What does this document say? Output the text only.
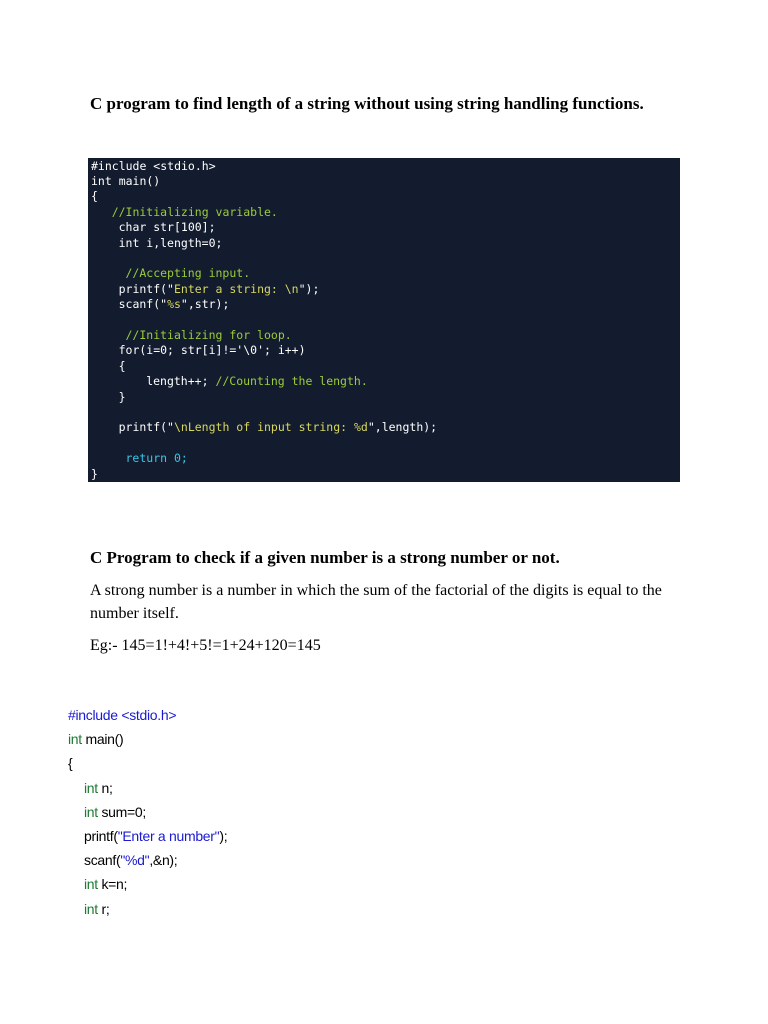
C program to find length of a string without using string handling functions.
#include <stdio.h>
int main()
{
//Initializing variable.
char str[100];
int i,length=0;
//Accepting input.
printf("Enter a string: \n");
scanf("%s",str);
//Initializing for loop.
for(i=0; str[i]!='\0'; i++)
{
length++; //Counting the length.
}
printf("\nLength of input string: %d",length);
return 0;
}
C Program to check if a given number is a strong number or not.

A strong number is a number in which the sum of the factorial of the digits is equal to the number itself.

Eg:- 145=1!+4!+5!=1+24+120=145

#include <stdio.h>
int main()
{
int n;
int sum=0;
printf("Enter a number");
scanf("%d",&n);
int k=n;
int r;
